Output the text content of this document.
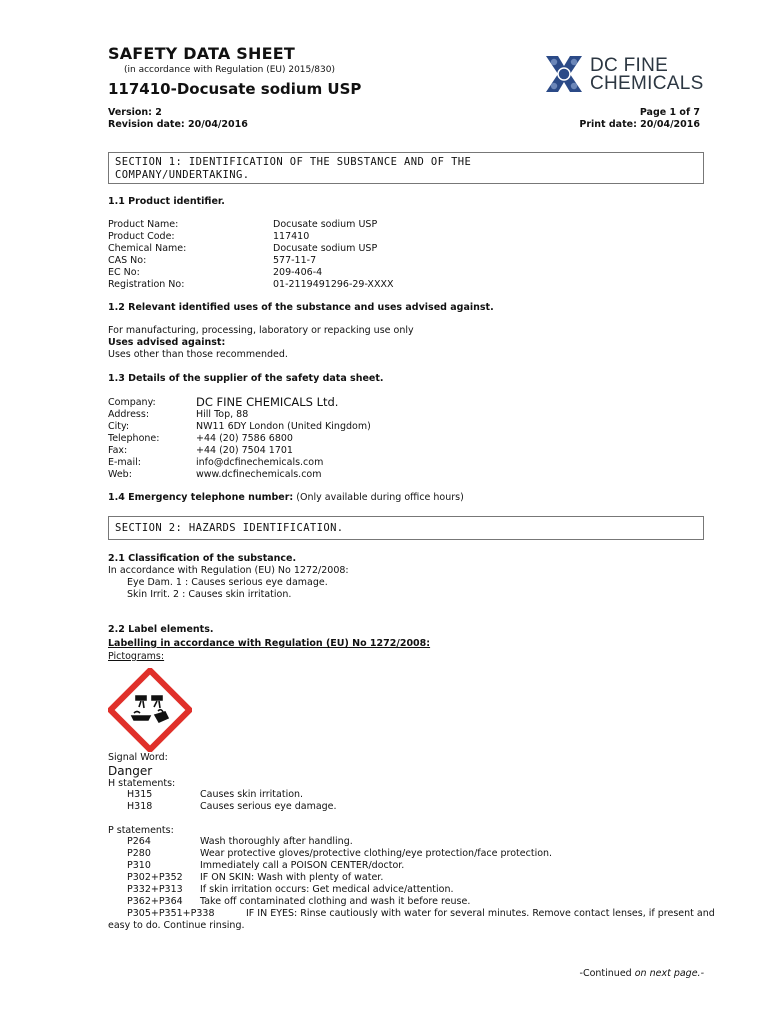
SAFETY DATA SHEET
(in accordance with Regulation (EU) 2015/830)
117410-Docusate sodium USP
Version: 2
Revision date: 20/04/2016
Page 1 of 7
Print date: 20/04/2016
DC FINE
CHEMICALS
SECTION 1: IDENTIFICATION OF THE SUBSTANCE AND OF THE
COMPANY/UNDERTAKING.
1.1 Product identifier.
Product Name:	Docusate sodium USP
Product Code:	117410
Chemical Name:	Docusate sodium USP
CAS No:	577-11-7
EC No:	209-406-4
Registration No:	01-2119491296-29-XXXX
1.2 Relevant identified uses of the substance and uses advised against.
For manufacturing, processing, laboratory or repacking use only
Uses advised against:
Uses other than those recommended.
1.3 Details of the supplier of the safety data sheet.
Company:	DC FINE CHEMICALS Ltd.
Address:	Hill Top, 88
City:	NW11 6DY London (United Kingdom)
Telephone:	+44 (20) 7586 6800
Fax:	+44 (20) 7504 1701
E-mail:	info@dcfinechemicals.com
Web:	www.dcfinechemicals.com
1.4 Emergency telephone number: (Only available during office hours)
SECTION 2: HAZARDS IDENTIFICATION.
2.1 Classification of the substance.
In accordance with Regulation (EU) No 1272/2008:
Eye Dam. 1 : Causes serious eye damage.
Skin Irrit. 2 : Causes skin irritation.
2.2 Label elements.
Labelling in accordance with Regulation (EU) No 1272/2008:
Pictograms:
Signal Word:
Danger
H statements:
H315	Causes skin irritation.
H318	Causes serious eye damage.
P statements:
P264	Wash thoroughly after handling.
P280	Wear protective gloves/protective clothing/eye protection/face protection.
P310	Immediately call a POISON CENTER/doctor.
P302+P352 IF ON SKIN: Wash with plenty of water.
P332+P313 If skin irritation occurs: Get medical advice/attention.
P362+P364 Take off contaminated clothing and wash it before reuse.
P305+P351+P338	IF IN EYES: Rinse cautiously with water for several minutes. Remove contact lenses, if present and
easy to do. Continue rinsing.
-Continued on next page.-
